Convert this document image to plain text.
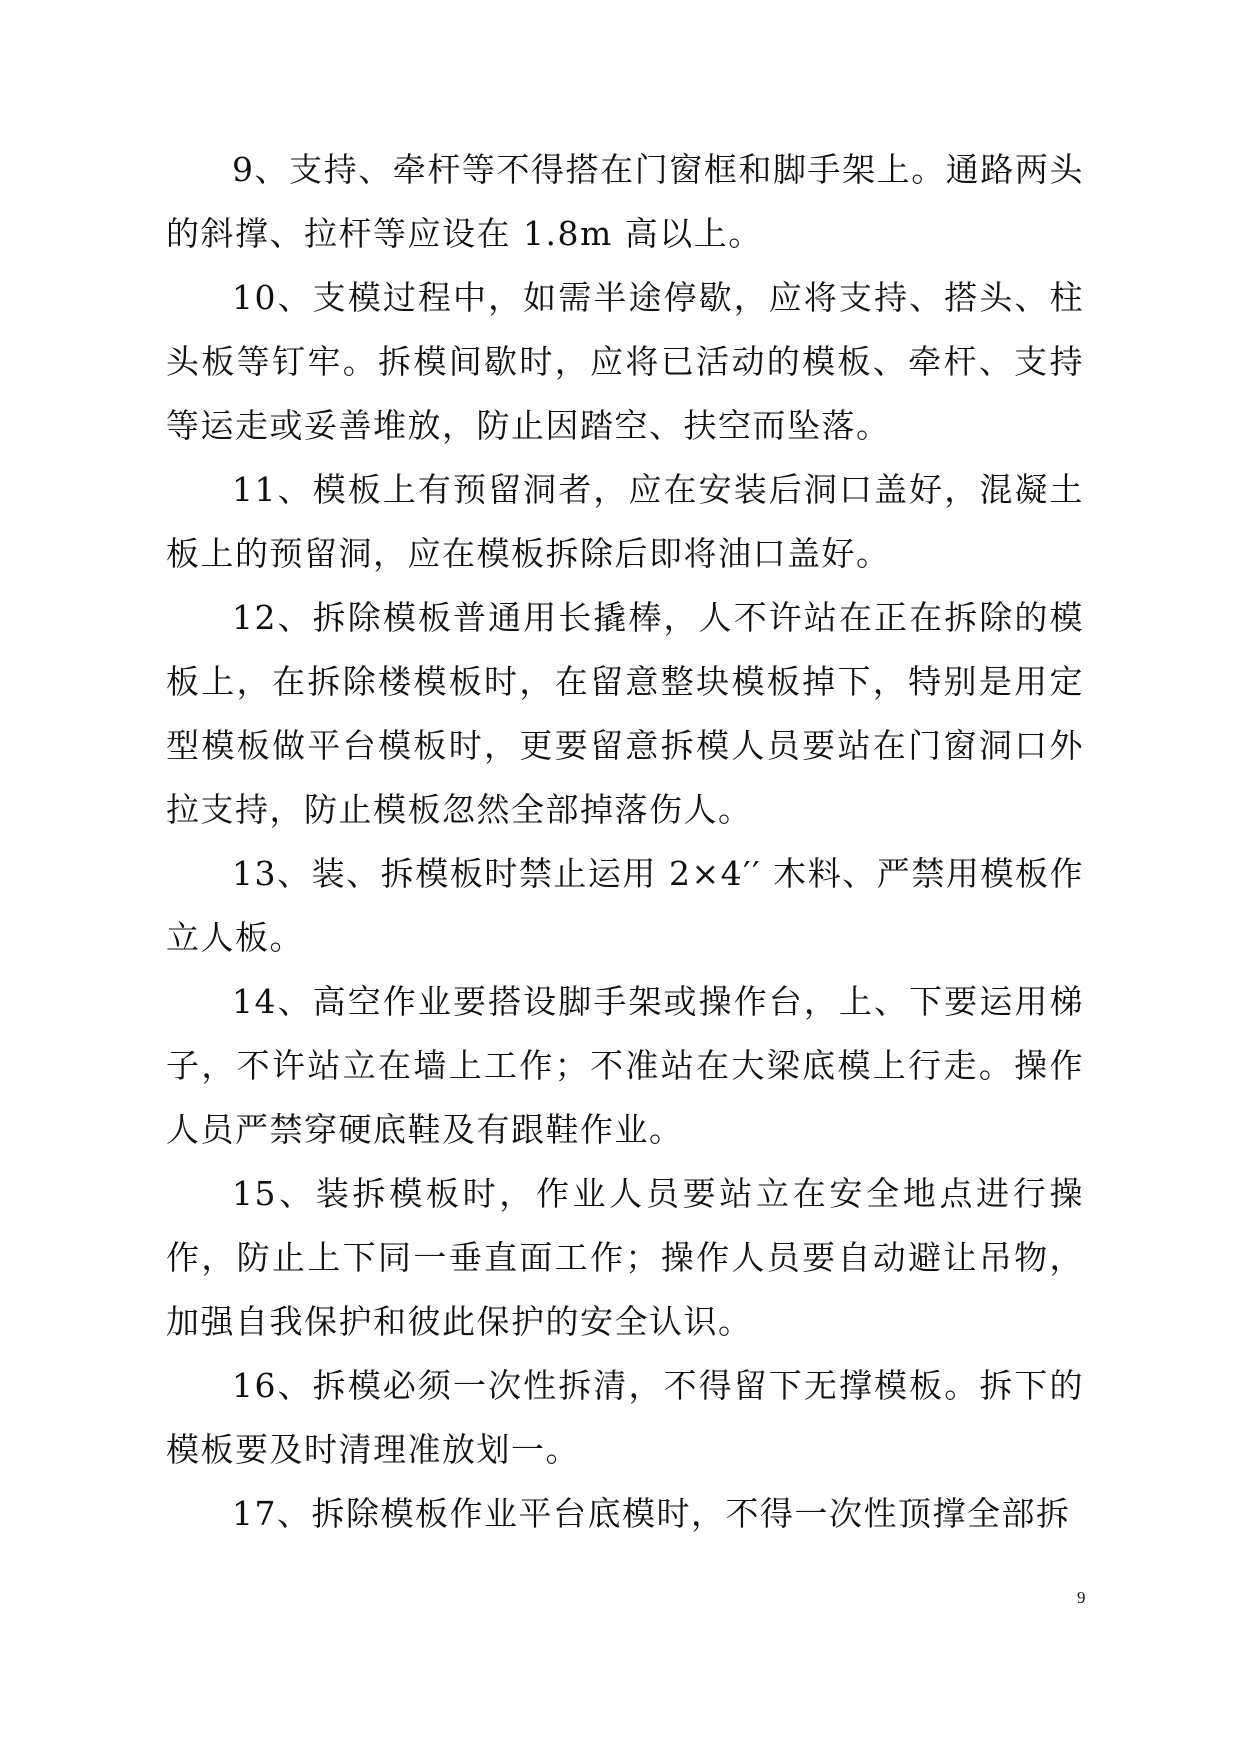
9、支持、牵杆等不得搭在门窗框和脚手架上。通路两头的斜撑、拉杆等应设在 1.8m 高以上。

10、支模过程中，如需半途停歇，应将支持、搭头、柱头板等钉牢。拆模间歇时，应将已活动的模板、牵杆、支持等运走或妥善堆放，防止因踏空、扶空而坠落。

11、模板上有预留洞者，应在安装后洞口盖好，混凝土板上的预留洞，应在模板拆除后即将油口盖好。

12、拆除模板普通用长撬棒，人不许站在正在拆除的模板上，在拆除楼模板时，在留意整块模板掉下，特别是用定型模板做平台模板时，更要留意拆模人员要站在门窗洞口外拉支持，防止模板忽然全部掉落伤人。

13、装、拆模板时禁止运用 2×4′′ 木料、严禁用模板作立人板。

14、高空作业要搭设脚手架或操作台，上、下要运用梯子，不许站立在墙上工作；不准站在大梁底模上行走。操作人员严禁穿硬底鞋及有跟鞋作业。

15、装拆模板时，作业人员要站立在安全地点进行操作，防止上下同一垂直面工作；操作人员要自动避让吊物，加强自我保护和彼此保护的安全认识。

16、拆模必须一次性拆清，不得留下无撑模板。拆下的模板要及时清理准放划一。

17、拆除模板作业平台底模时，不得一次性顶撑全部拆

9
